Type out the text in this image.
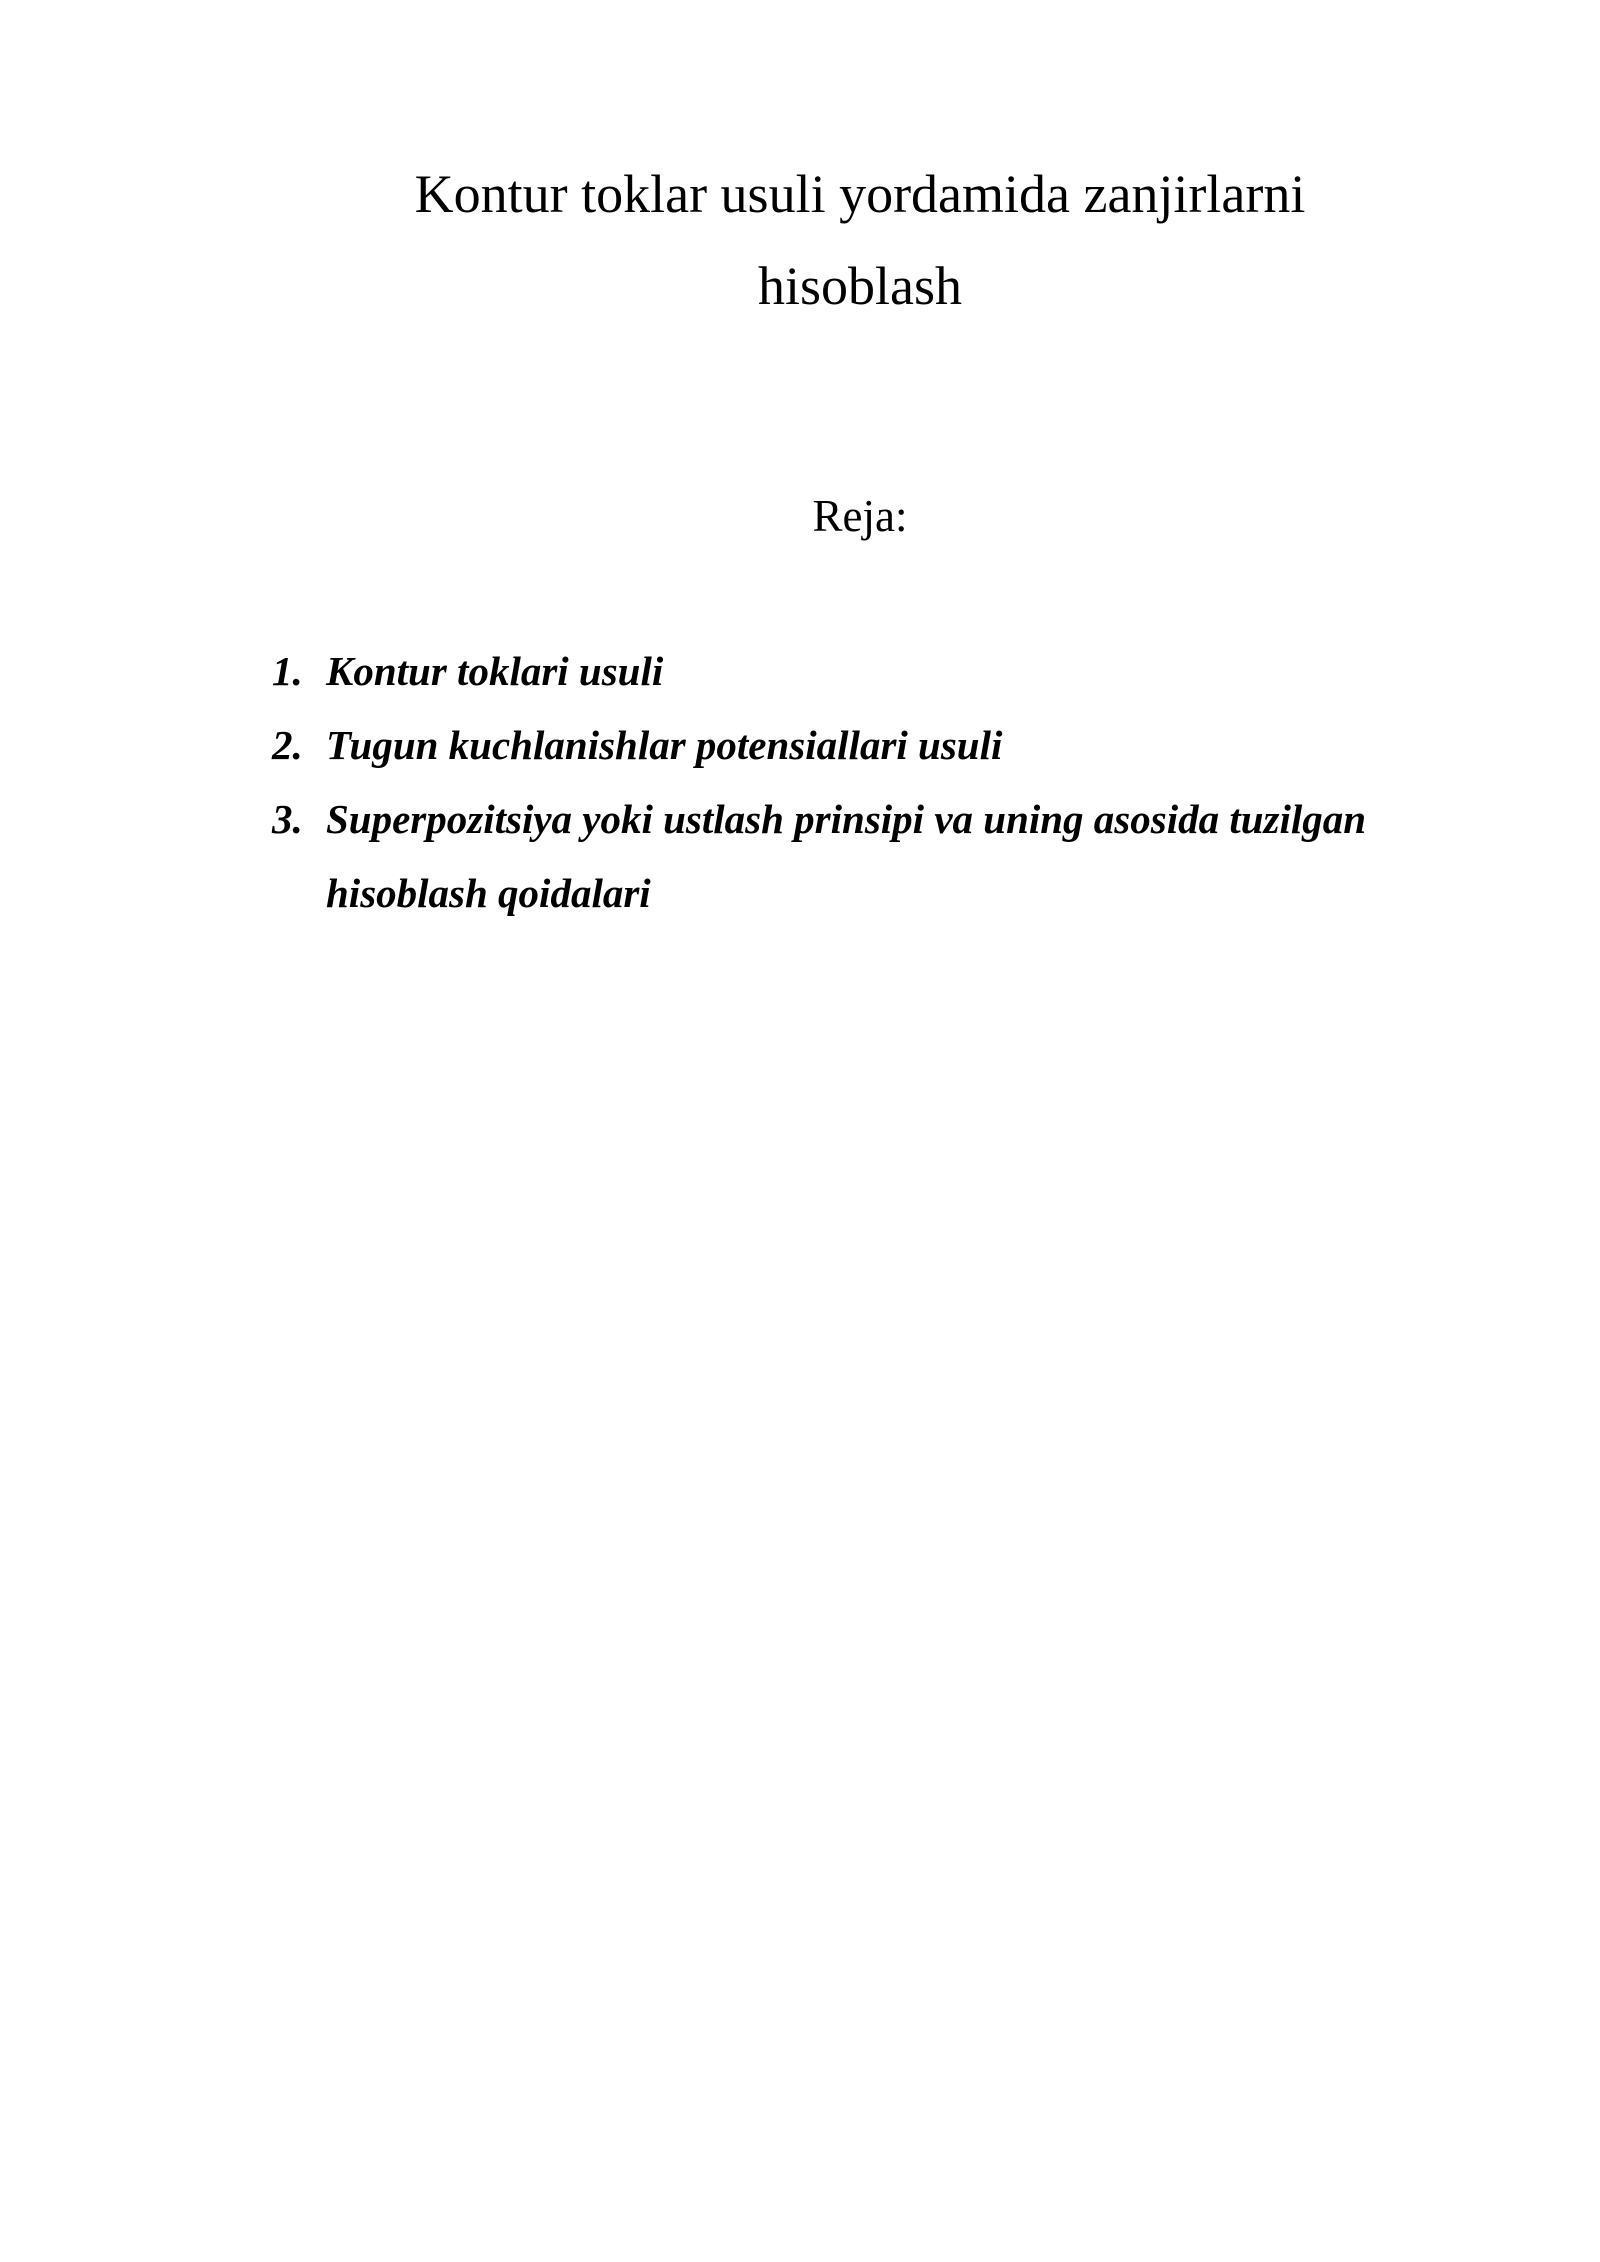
Kontur toklar usuli yordamida zanjirlarni hisoblash
Reja:
1. Kontur toklari usuli
2. Tugun kuchlanishlar potensiallari usuli
3. Superpozitsiya yoki ustlash prinsipi va uning asosida tuzilgan hisoblash qoidalari
